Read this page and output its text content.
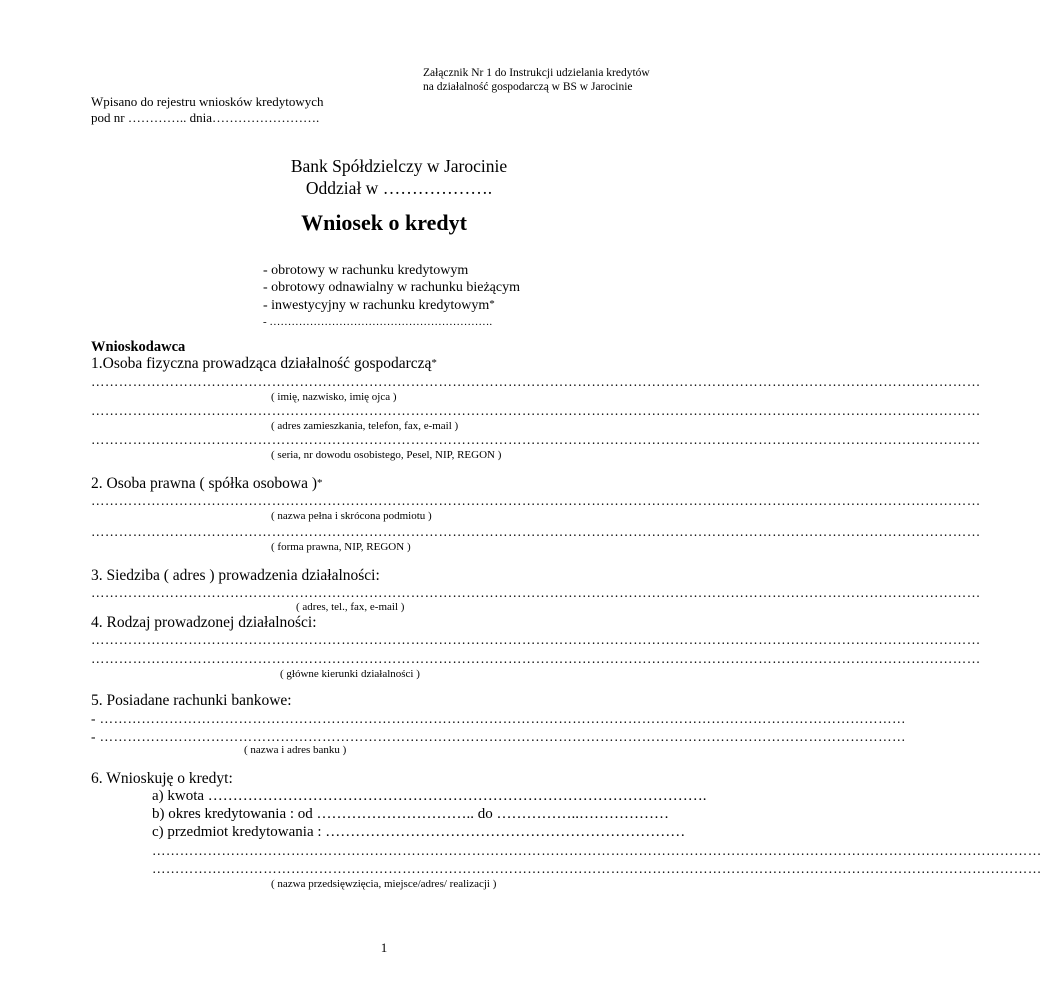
Załącznik Nr 1 do Instrukcji udzielania kredytów
na działalność gospodarczą w BS w Jarocinie
Wpisano do rejestru wniosków kredytowych
pod nr ………….. dnia…………………….
Bank Spółdzielczy w Jarocinie
Oddział w ……………….
Wniosek o kredyt
- obrotowy w rachunku kredytowym
- obrotowy odnawialny w rachunku bieżącym
- inwestycyjny w rachunku kredytowym*
- …………………………………………………….
Wnioskodawca
1.Osoba fizyczna prowadząca działalność gospodarczą*
…………………………………………………………………………………………………………………………………………………………………………
( imię, nazwisko, imię ojca )
…………………………………………………………………………………………………………………………………………………………………………
( adres zamieszkania, telefon, fax, e-mail )
…………………………………………………………………………………………………………………………………………………………………………
( seria, nr dowodu osobistego, Pesel, NIP, REGON )
2. Osoba prawna ( spółka osobowa )*
…………………………………………………………………………………………………………………………………………………………………………
( nazwa pełna i skrócona podmiotu )
…………………………………………………………………………………………………………………………………………………………………………
( forma prawna, NIP, REGON )
3. Siedziba ( adres ) prowadzenia działalności:
…………………………………………………………………………………………………………………………………………………………………………
( adres, tel., fax, e-mail )
4. Rodzaj prowadzonej działalności:
…………………………………………………………………………………………………………………………………………………………………………
…………………………………………………………………………………………………………………………………………………………………………
( główne kierunki działalności )
5. Posiadane rachunki bankowe:
- …………………………………………………………………………………………………………………………………………………………
- …………………………………………………………………………………………………………………………………………………………
( nazwa i adres banku )
6. Wnioskuję o kredyt:
a) kwota ……………………………………………………………………………………….
b) okres kredytowania : od ………………………….. do ……………..………………
c) przedmiot kredytowania : ………………………………………………………………
…………………………………………………………………………………………………………………………………………………………………………
…………………………………………………………………………………………………………………………………………………………………………
( nazwa przedsięwzięcia, miejsce/adres/ realizacji )
1
